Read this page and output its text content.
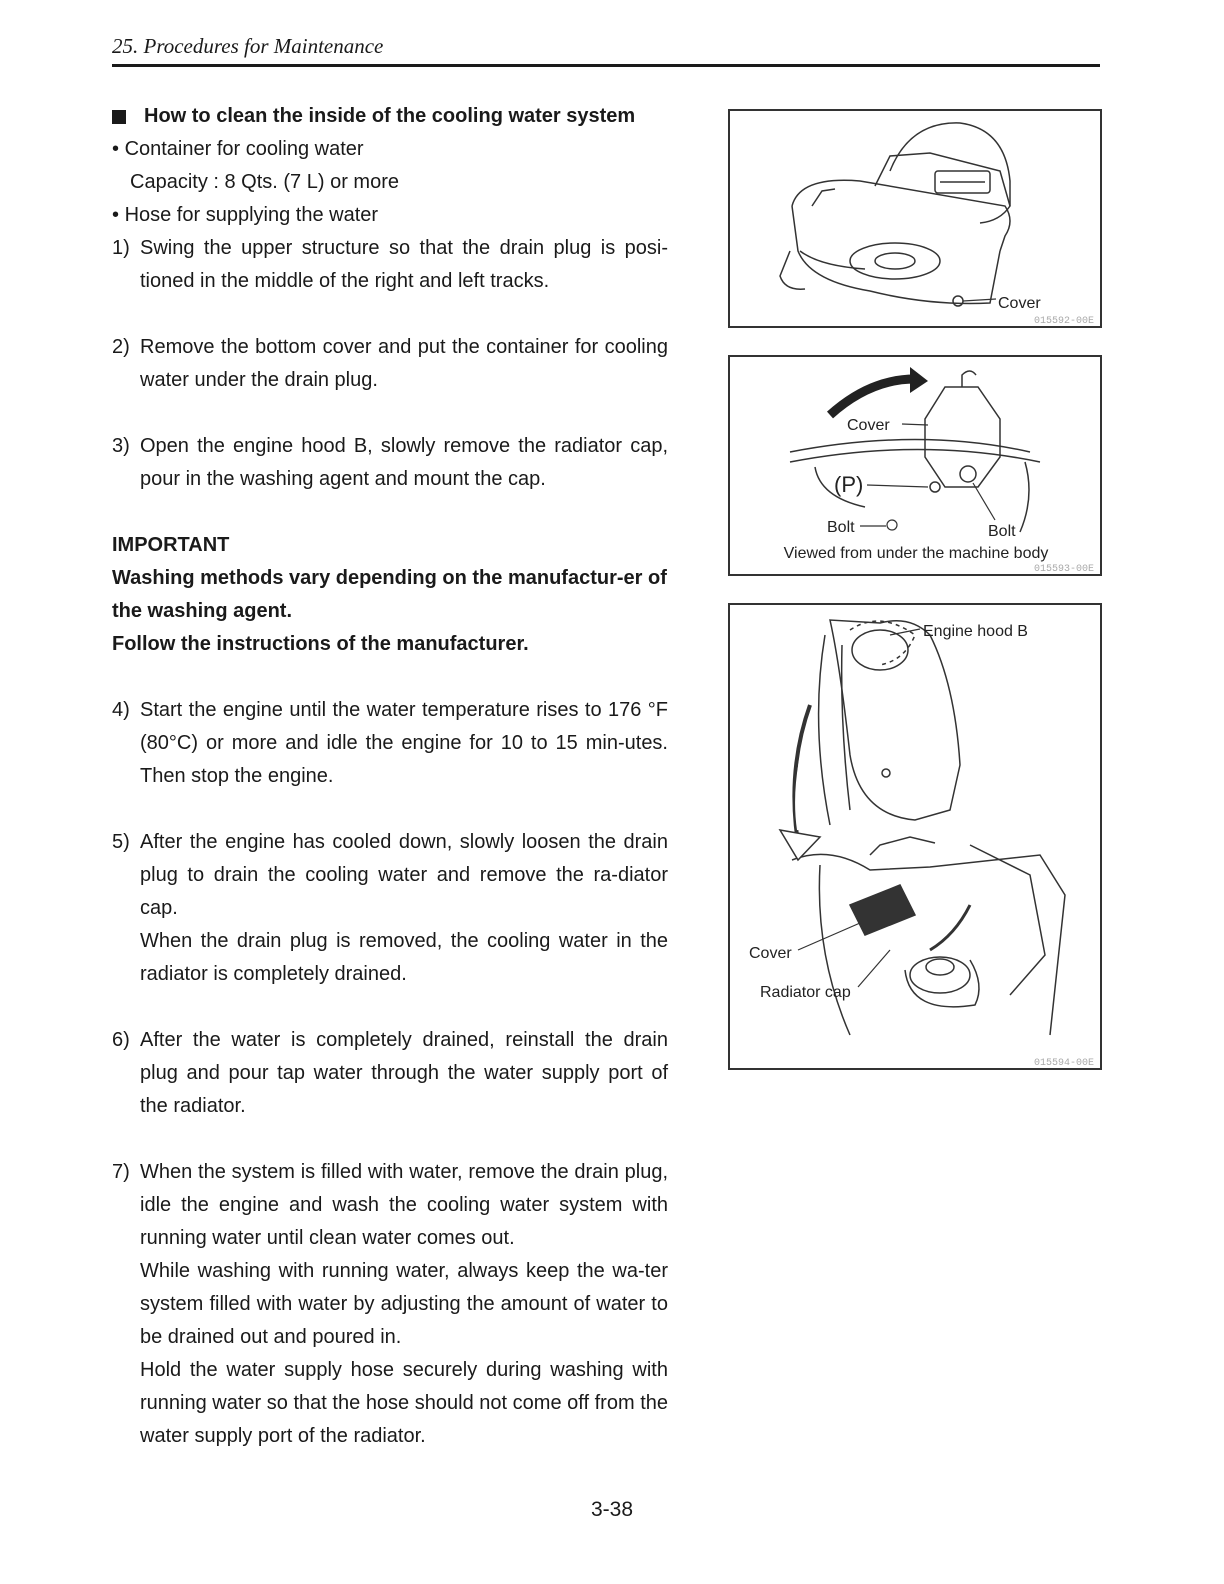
25. Procedures for Maintenance
How to clean the inside of the cooling water system
• Container for cooling water
Capacity : 8 Qts. (7 L) or more
• Hose for supplying the water
1) Swing the upper structure so that the drain plug is posi-tioned in the middle of the right and left tracks.

2) Remove the bottom cover and put the container for cooling water under the drain plug.

3) Open the engine hood B, slowly remove the radiator cap, pour in the washing agent and mount the cap.

IMPORTANT
Washing methods vary depending on the manufactur-er of the washing agent.
Follow the instructions of the manufacturer.
4) Start the engine until the water temperature rises to 176 °F (80°C) or more and idle the engine for 10 to 15 min-utes. Then stop the engine.

5) After the engine has cooled down, slowly loosen the drain plug to drain the cooling water and remove the ra-diator cap.

When the drain plug is removed, the cooling water in the radiator is completely drained.

6) After the water is completely drained, reinstall the drain plug and pour tap water through the water supply port of the radiator.

7) When the system is filled with water, remove the drain plug, idle the engine and wash the cooling water system with running water until clean water comes out.

While washing with running water, always keep the wa-ter system filled with water by adjusting the amount of water to be drained out and poured in.

Hold the water supply hose securely during washing with running water so that the hose should not come off from the water supply port of the radiator.

Cover
015592-00E
Cover
(P)
Bolt	Bolt
Viewed from under the machine body
015593-00E
Engine hood B
Cover
Radiator cap
015594-00E
3-38
